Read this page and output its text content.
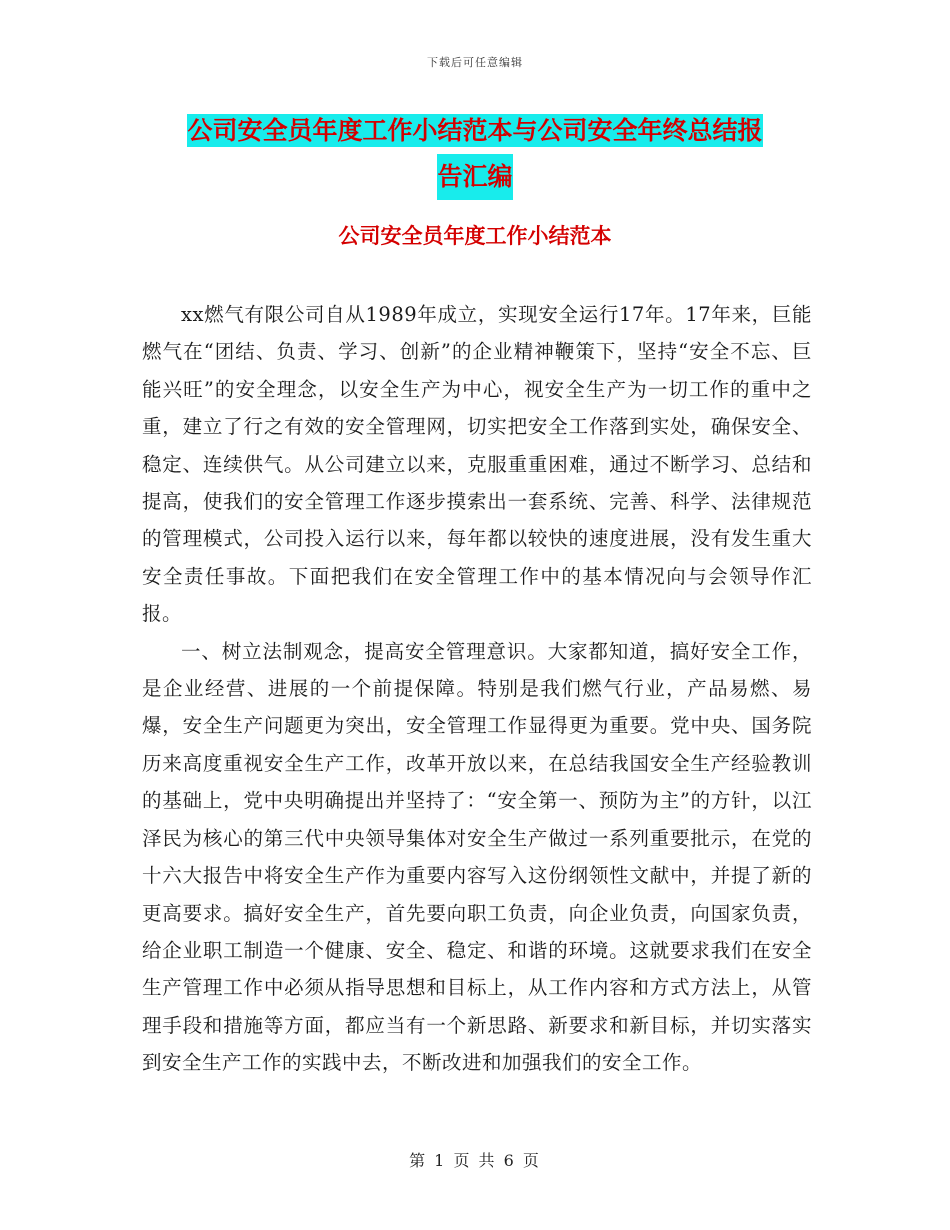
下载后可任意编辑
公司安全员年度工作小结范本与公司安全年终总结报
告汇编
公司安全员年度工作小结范本

xx燃气有限公司自从1989年成立，实现安全运行17年。17年来，巨能燃气在“团结、负责、学习、创新”的企业精神鞭策下，坚持“安全不忘、巨能兴旺”的安全理念，以安全生产为中心，视安全生产为一切工作的重中之重，建立了行之有效的安全管理网，切实把安全工作落到实处，确保安全、稳定、连续供气。从公司建立以来，克服重重困难，通过不断学习、总结和提高，使我们的安全管理工作逐步摸索出一套系统、完善、科学、法律规范的管理模式，公司投入运行以来，每年都以较快的速度进展，没有发生重大安全责任事故。下面把我们在安全管理工作中的基本情况向与会领导作汇报。

一、树立法制观念，提高安全管理意识。大家都知道，搞好安全工作，是企业经营、进展的一个前提保障。特别是我们燃气行业，产品易燃、易爆，安全生产问题更为突出，安全管理工作显得更为重要。党中央、国务院历来高度重视安全生产工作，改革开放以来，在总结我国安全生产经验教训的基础上，党中央明确提出并坚持了：“安全第一、预防为主”的方针，以江泽民为核心的第三代中央领导集体对安全生产做过一系列重要批示，在党的十六大报告中将安全生产作为重要内容写入这份纲领性文献中，并提了新的更高要求。搞好安全生产，首先要向职工负责，向企业负责，向国家负责，给企业职工制造一个健康、安全、稳定、和谐的环境。这就要求我们在安全生产管理工作中必须从指导思想和目标上，从工作内容和方式方法上，从管理手段和措施等方面，都应当有一个新思路、新要求和新目标，并切实落实到安全生产工作的实践中去，不断改进和加强我们的安全工作。

第 1 页 共 6 页
